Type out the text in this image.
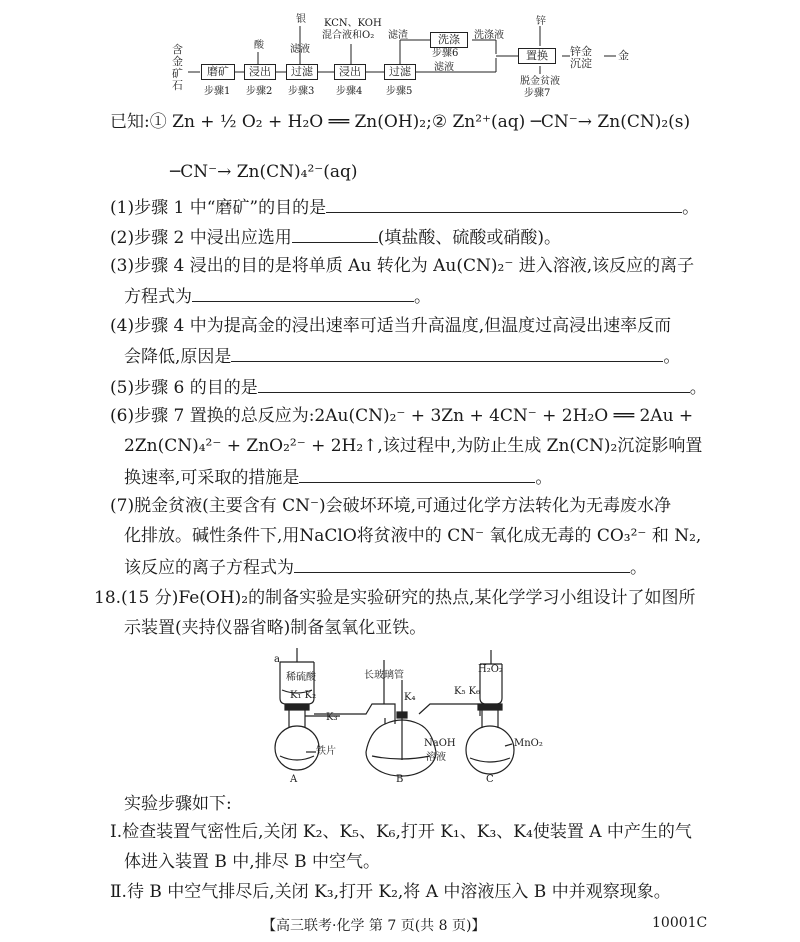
含金矿石
磨矿	浸出	过滤	浸出	过滤
洗涤
置换	锌金沉淀
金
步骤1 步骤2 步骤3 步骤4 步骤5
步骤6
步骤7
酸
银
滤液
KCN、KOH
混合液和O₂ 滤渣	洗涤液
滤液
锌
脱金贫液
已知:① Zn + ½ O₂ + H₂O ══ Zn(OH)₂;② Zn²⁺(aq) ─CN⁻→ Zn(CN)₂(s)
─CN⁻→ Zn(CN)₄²⁻(aq)
(1)步骤 1 中“磨矿”的目的是	。
(2)步骤 2 中浸出应选用	(填盐酸、硫酸或硝酸)。
(3)步骤 4 浸出的目的是将单质 Au 转化为 Au(CN)₂⁻ 进入溶液,该反应的离子
方程式为	。
(4)步骤 4 中为提高金的浸出速率可适当升高温度,但温度过高浸出速率反而
会降低,原因是	。
(5)步骤 6 的目的是	。
(6)步骤 7 置换的总反应为:2Au(CN)₂⁻ + 3Zn + 4CN⁻ + 2H₂O ══ 2Au +
2Zn(CN)₄²⁻ + ZnO₂²⁻ + 2H₂↑,该过程中,为防止生成 Zn(CN)₂沉淀影响置
换速率,可采取的措施是	。
(7)脱金贫液(主要含有 CN⁻)会破坏环境,可通过化学方法转化为无毒废水净
化排放。碱性条件下,用NaClO将贫液中的 CN⁻ 氧化成无毒的 CO₃²⁻ 和 N₂,
该反应的离子方程式为	。
18.(15 分)Fe(OH)₂的制备实验是实验研究的热点,某化学学习小组设计了如图所
示装置(夹持仪器省略)制备氢氧化亚铁。
a
稀硫酸
K₁ K₂
K₃
长玻璃管
K₄
K₅ K₆
H₂O₂
铁片
NaOH
溶液
MnO₂
A	B	C
实验步骤如下:
Ⅰ.检查装置气密性后,关闭 K₂、K₅、K₆,打开 K₁、K₃、K₄使装置 A 中产生的气
体进入装置 B 中,排尽 B 中空气。
Ⅱ.待 B 中空气排尽后,关闭 K₃,打开 K₂,将 A 中溶液压入 B 中并观察现象。
【高三联考·化学 第 7 页(共 8 页)】	10001C
